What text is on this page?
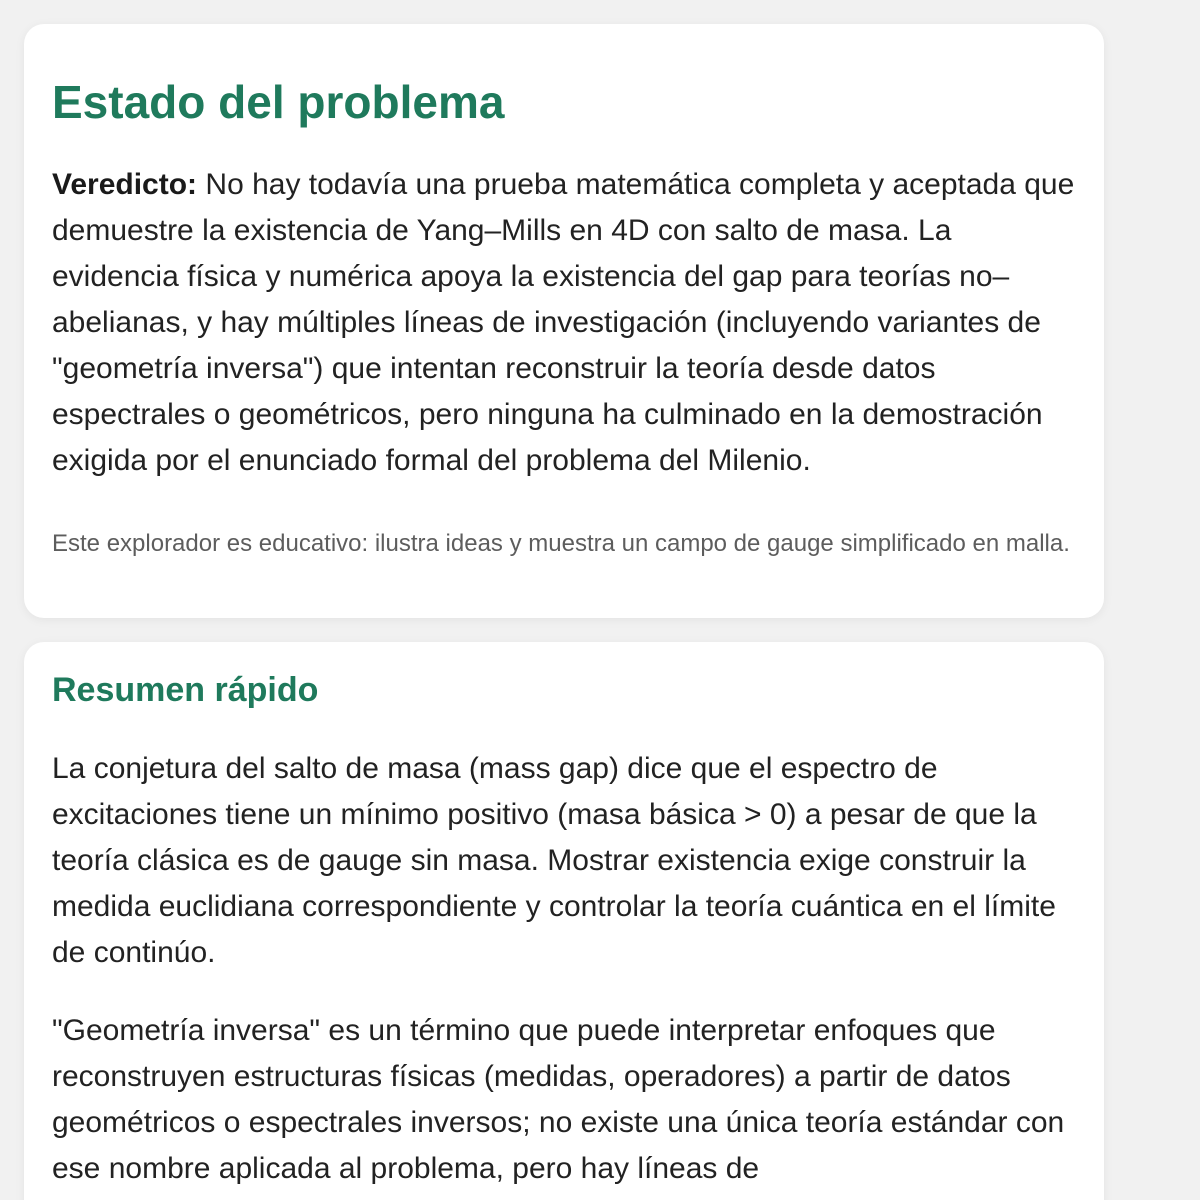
Estado del problema

Veredicto: No hay todavía una prueba matemática completa y aceptada que demuestre la existencia de Yang–Mills en 4D con salto de masa. La evidencia física y numérica apoya la existencia del gap para teorías no–abelianas, y hay múltiples líneas de investigación (incluyendo variantes de "geometría inversa") que intentan reconstruir la teoría desde datos espectrales o geométricos, pero ninguna ha culminado en la demostración exigida por el enunciado formal del problema del Milenio.

Este explorador es educativo: ilustra ideas y muestra un campo de gauge simplificado en malla.

Resumen rápido

La conjetura del salto de masa (mass gap) dice que el espectro de excitaciones tiene un mínimo positivo (masa básica > 0) a pesar de que la teoría clásica es de gauge sin masa. Mostrar existencia exige construir la medida euclidiana correspondiente y controlar la teoría cuántica en el límite de continúo.

"Geometría inversa" es un término que puede interpretar enfoques que reconstruyen estructuras físicas (medidas, operadores) a partir de datos geométricos o espectrales inversos; no existe una única teoría estándar con ese nombre aplicada al problema, pero hay líneas de
